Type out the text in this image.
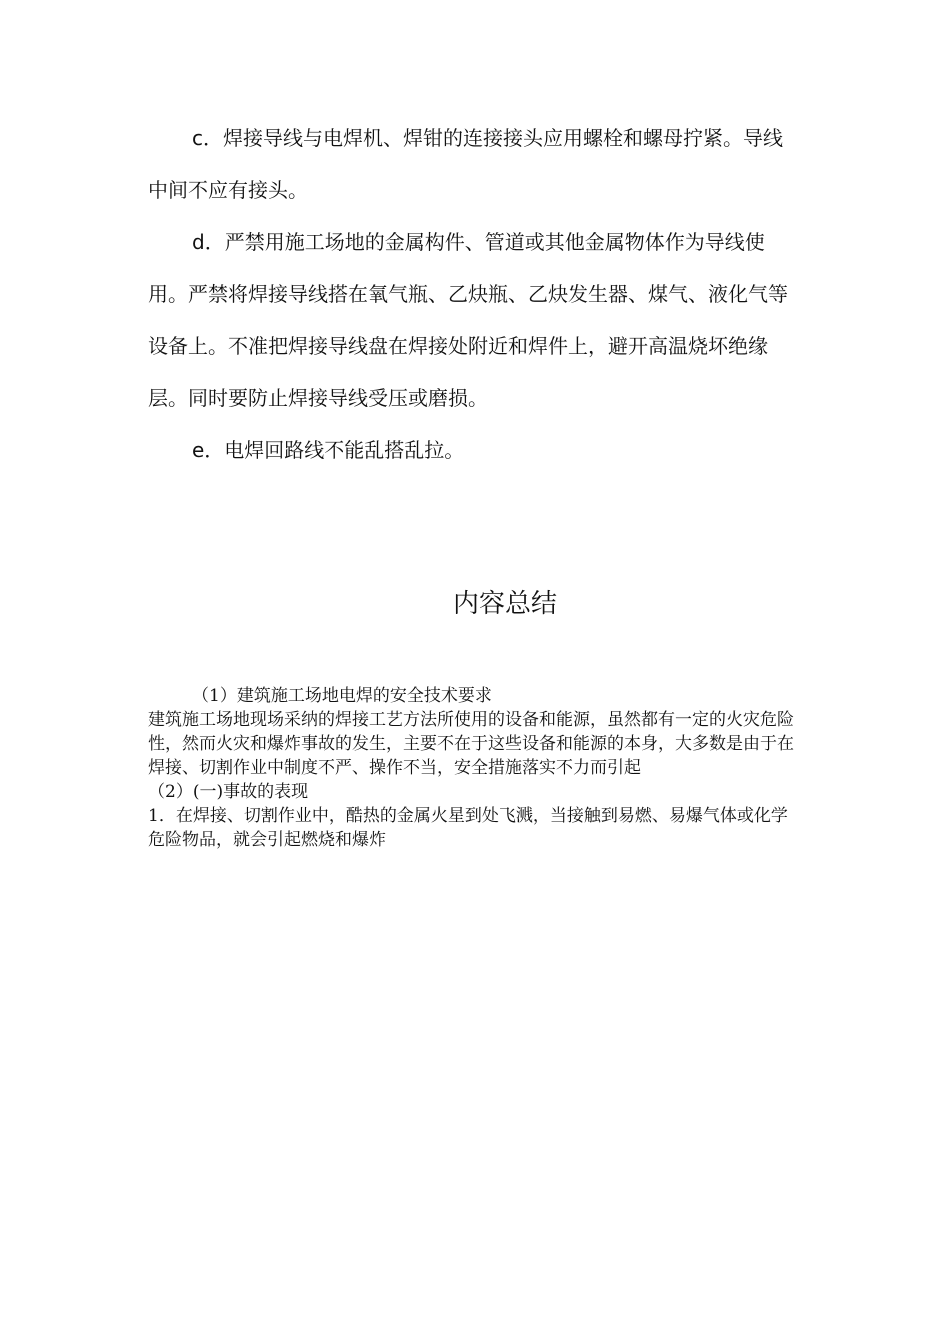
c．焊接导线与电焊机、焊钳的连接接头应用螺栓和螺母拧紧。导线中间不应有接头。

d．严禁用施工场地的金属构件、管道或其他金属物体作为导线使用。严禁将焊接导线搭在氧气瓶、乙炔瓶、乙炔发生器、煤气、液化气等设备上。不准把焊接导线盘在焊接处附近和焊件上，避开高温烧坏绝缘层。同时要防止焊接导线受压或磨损。

e．电焊回路线不能乱搭乱拉。

内容总结

（1）建筑施工场地电焊的安全技术要求

建筑施工场地现场采纳的焊接工艺方法所使用的设备和能源，虽然都有一定的火灾危险性，然而火灾和爆炸事故的发生，主要不在于这些设备和能源的本身，大多数是由于在焊接、切割作业中制度不严、操作不当，安全措施落实不力而引起

（2）(一)事故的表现

1．在焊接、切割作业中，酷热的金属火星到处飞溅，当接触到易燃、易爆气体或化学危险物品，就会引起燃烧和爆炸
